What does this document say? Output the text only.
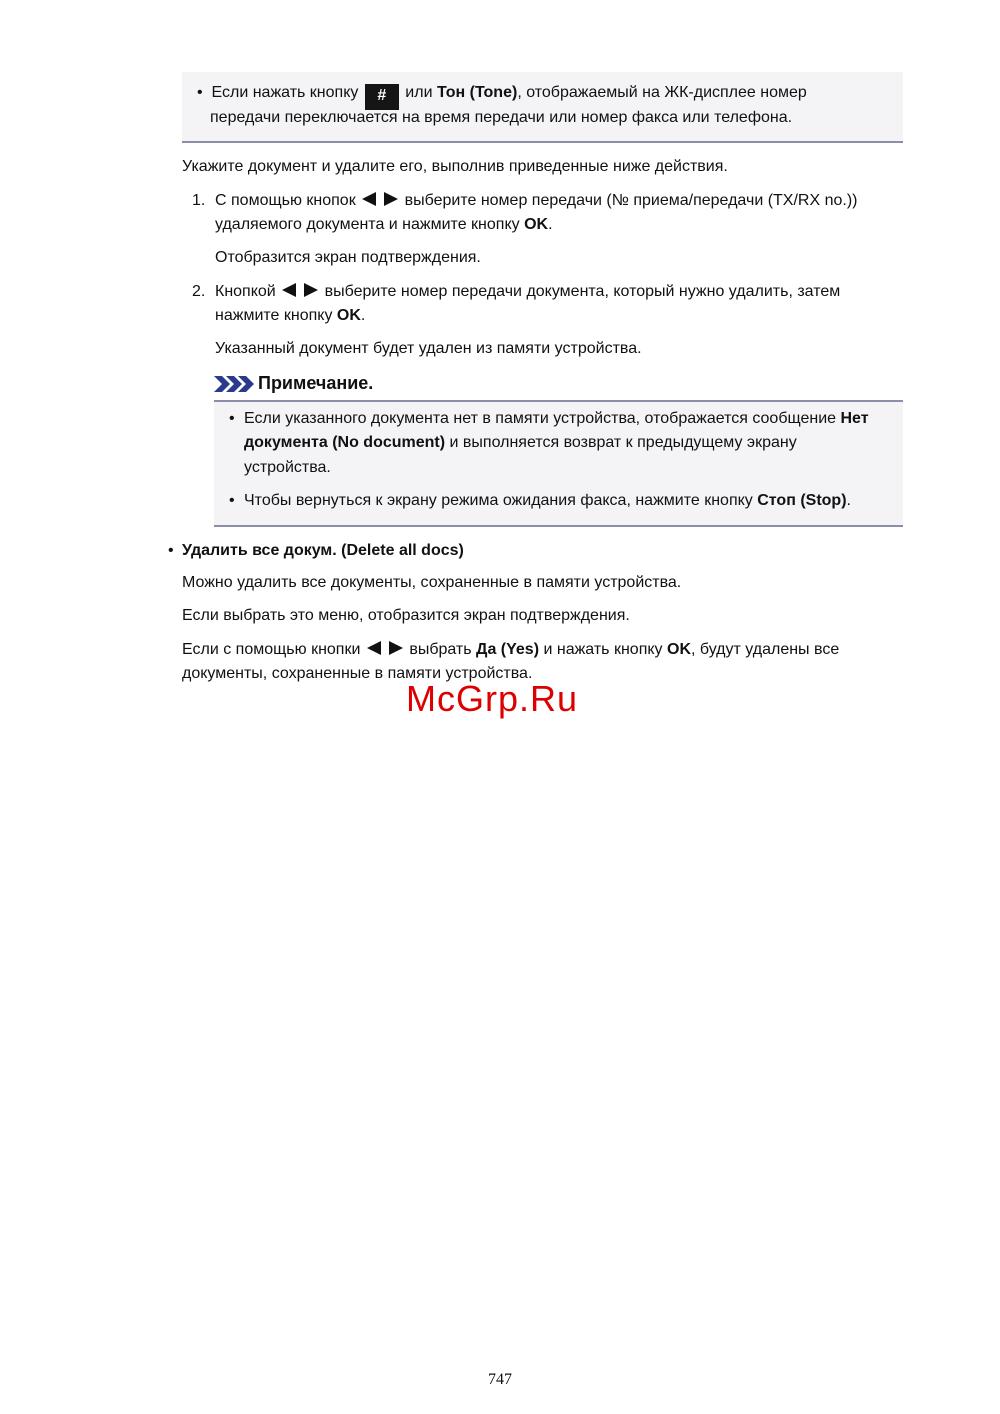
• Если нажать кнопку # или Тон (Tone), отображаемый на ЖК-дисплее номер
передачи переключается на время передачи или номер факса или телефона.
Укажите документ и удалите его, выполнив приведенные ниже действия.
1. С помощью кнопок	выберите номер передачи (№ приема/передачи (TX/RX no.))
удаляемого документа и нажмите кнопку OK.
Отобразится экран подтверждения.
2. Кнопкой	выберите номер передачи документа, который нужно удалить, затем
нажмите кнопку OK.
Указанный документ будет удален из памяти устройства.
Примечание.
• Если указанного документа нет в памяти устройства, отображается сообщение Нет
документа (No document) и выполняется возврат к предыдущему экрану
устройства.
• Чтобы вернуться к экрану режима ожидания факса, нажмите кнопку Стоп (Stop).
• Удалить все докум. (Delete all docs)
Можно удалить все документы, сохраненные в памяти устройства.
Если выбрать это меню, отобразится экран подтверждения.
Если с помощью кнопки	выбрать Да (Yes) и нажать кнопку OK, будут удалены все
документы, сохраненные в памяти устройства.
McGrp.Ru
747
